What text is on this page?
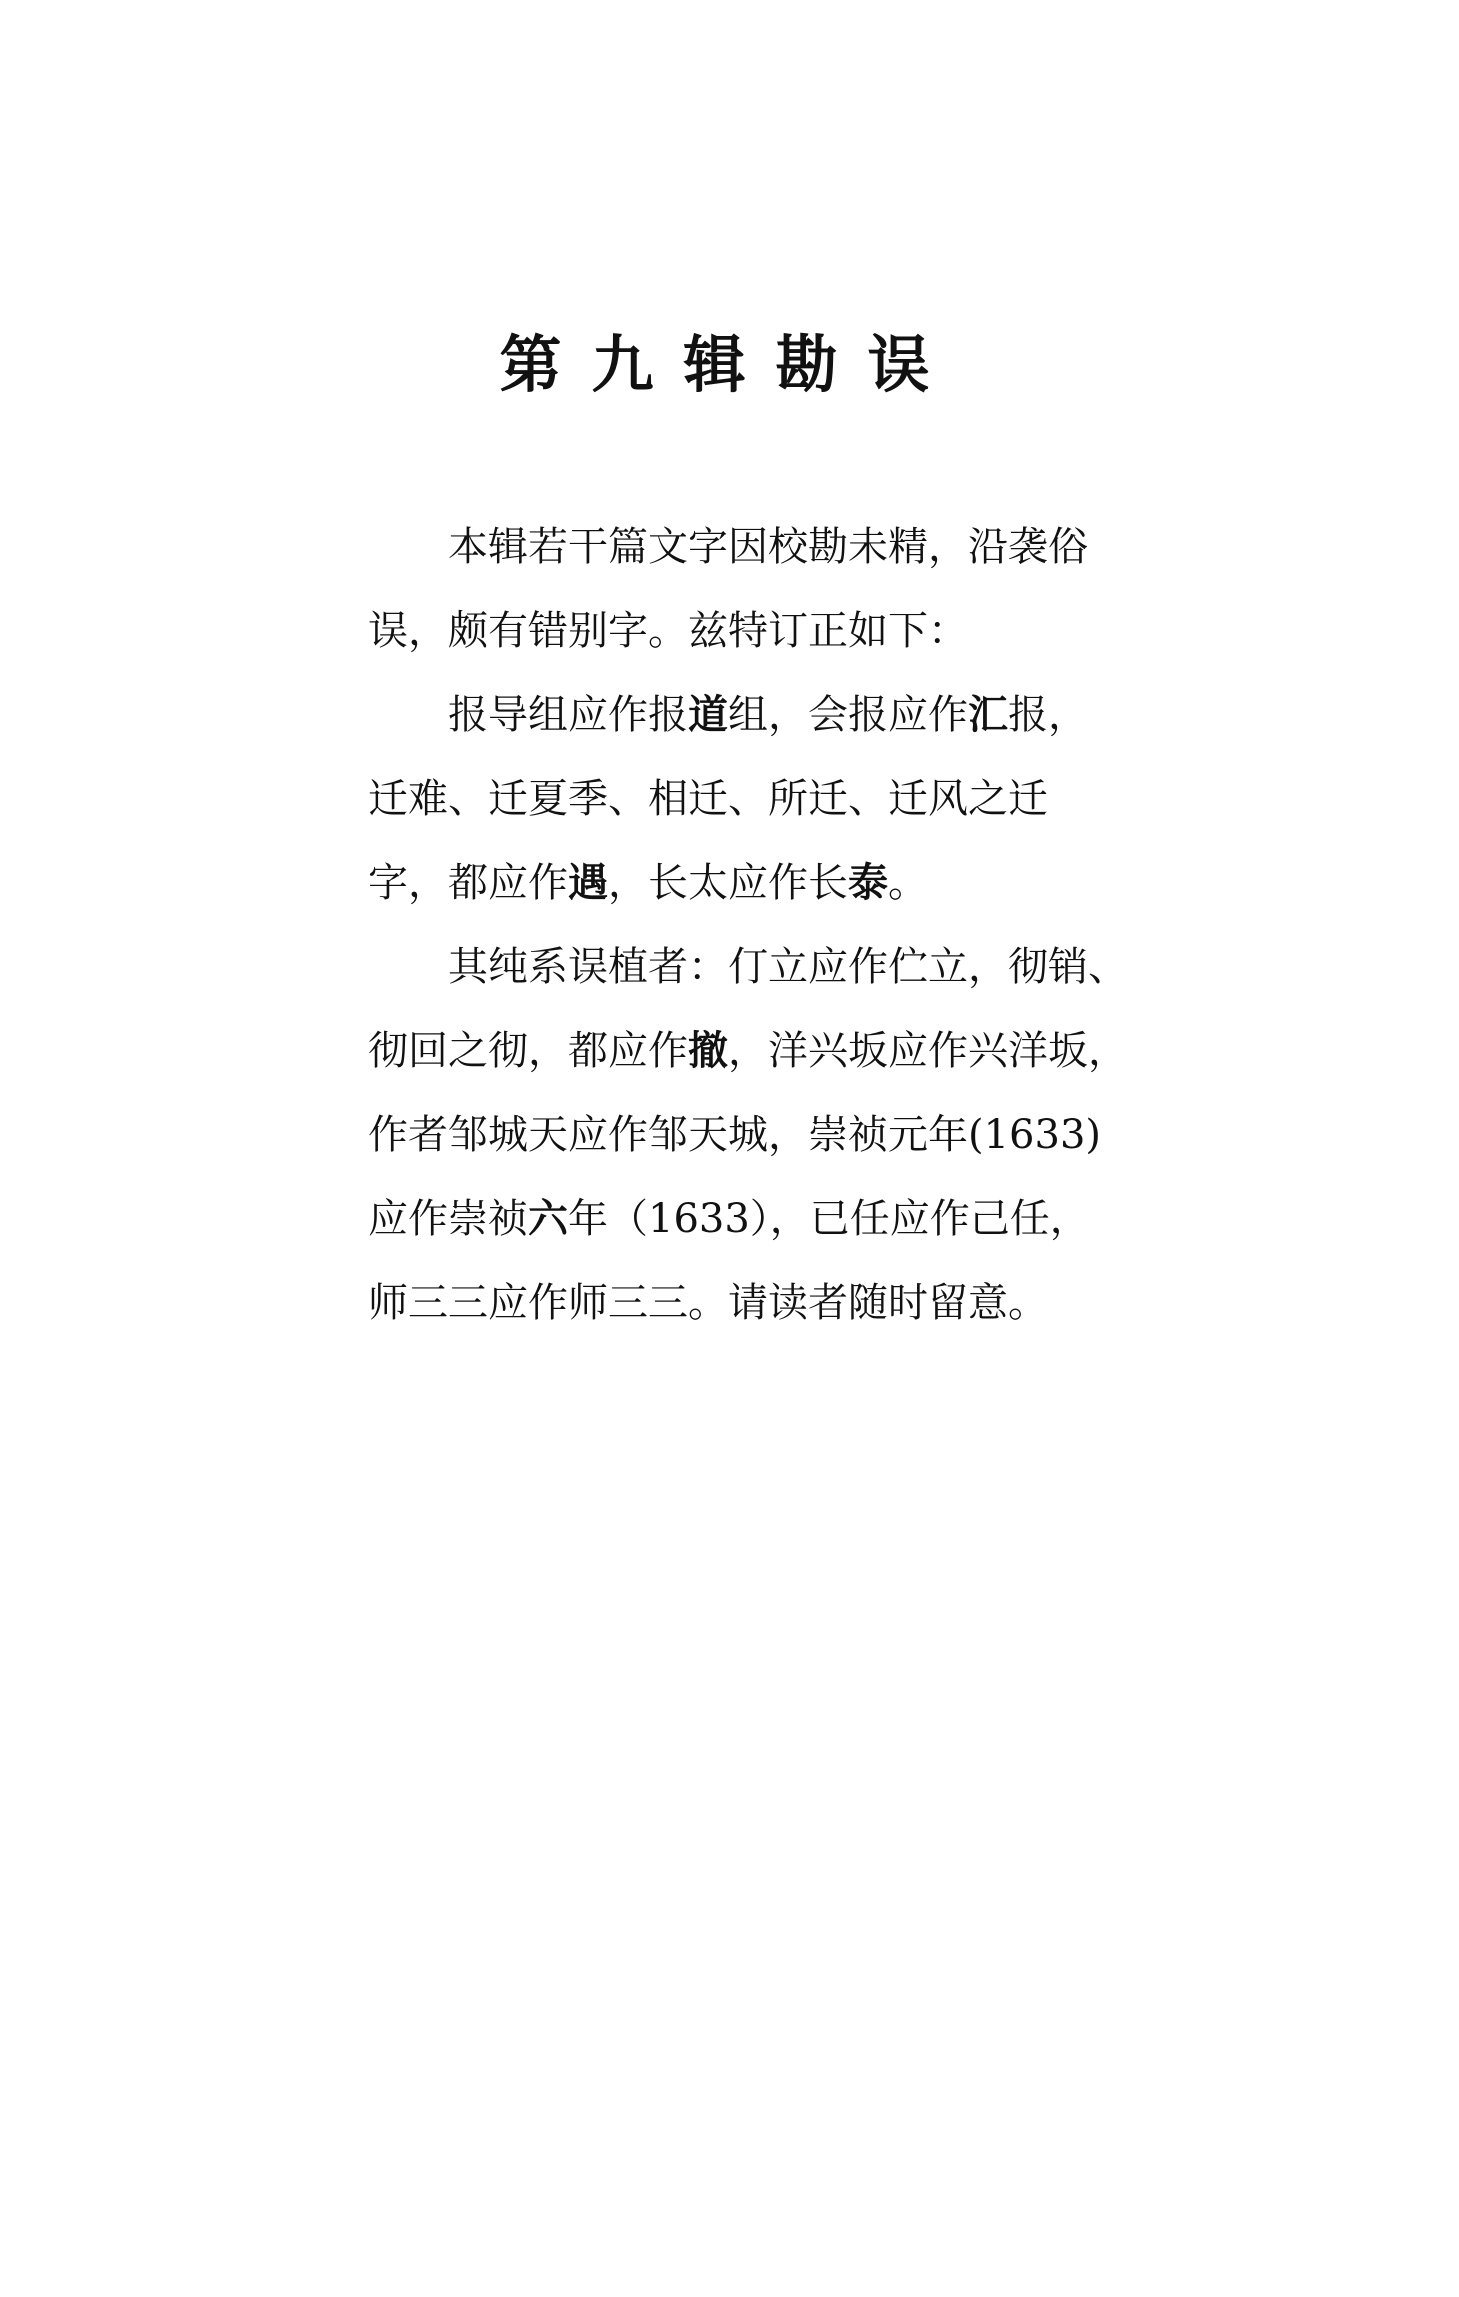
第九辑勘误
本辑若干篇文字因校勘未精，沿袭俗
误，颇有错别字。兹特订正如下：
报导组应作报道组，会报应作汇报，
迁难、迁夏季、相迁、所迁、迁风之迁
字，都应作遇，长太应作长泰。
其纯系误植者：仃立应作伫立，彻销、
彻回之彻，都应作撤，洋兴坂应作兴洋坂，
作者邹城天应作邹天城，崇祯元年(1633)
应作崇祯六年（1633），已任应作己任，
师三三应作师三三。请读者随时留意。
